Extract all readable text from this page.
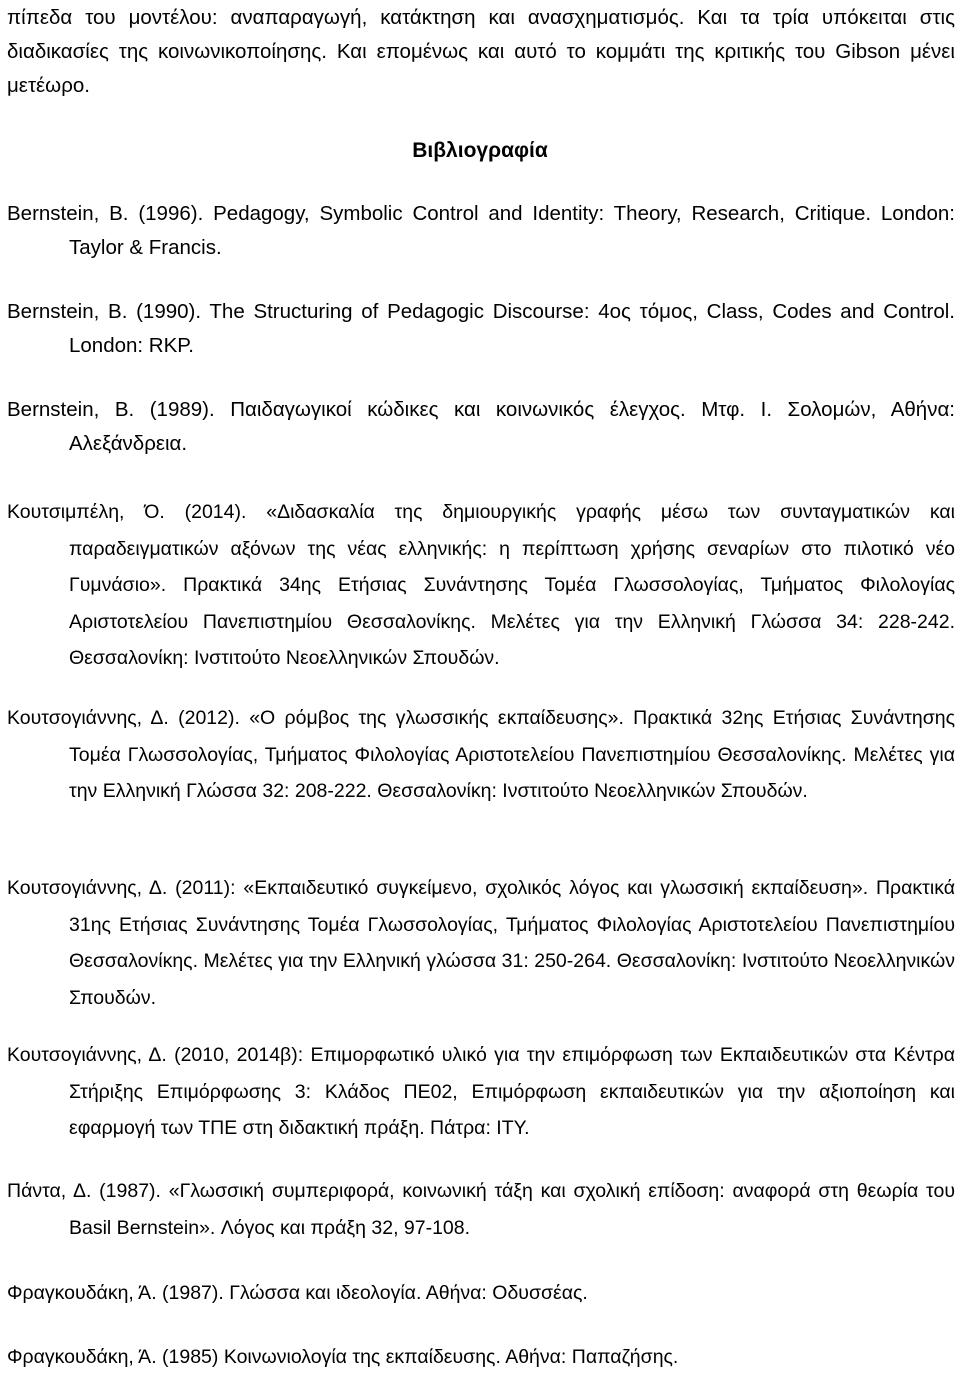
πίπεδα του μοντέλου: αναπαραγωγή, κατάκτηση και ανασχηματισμός. Και τα τρία υπόκειται στις διαδικασίες της κοινωνικοποίησης. Και επομένως και αυτό το κομμάτι της κριτικής του Gibson μένει μετέωρο.
Βιβλιογραφία
Bernstein, B. (1996). Pedagogy, Symbolic Control and Identity: Theory, Research, Critique. London: Taylor & Francis.
Bernstein, B. (1990). The Structuring of Pedagogic Discourse: 4ος τόμος, Class, Codes and Control. London: RKP.
Bernstein, B. (1989). Παιδαγωγικοί κώδικες και κοινωνικός έλεγχος. Μτφ. Ι. Σολομών, Αθήνα: Αλεξάνδρεια.
Κουτσιμπέλη, Ό. (2014). «Διδασκαλία της δημιουργικής γραφής μέσω των συνταγματικών και παραδειγματικών αξόνων της νέας ελληνικής: η περίπτωση χρήσης σεναρίων στο πιλοτικό νέο Γυμνάσιο». Πρακτικά 34ης Ετήσιας Συνάντησης Τομέα Γλωσσολογίας, Τμήματος Φιλολογίας Αριστοτελείου Πανεπιστημίου Θεσσαλονίκης. Μελέτες για την Ελληνική Γλώσσα 34: 228-242. Θεσσαλονίκη: Ινστιτούτο Νεοελληνικών Σπουδών.
Κουτσογιάννης, Δ. (2012). «Ο ρόμβος της γλωσσικής εκπαίδευσης». Πρακτικά 32ης Ετήσιας Συνάντησης Τομέα Γλωσσολογίας, Τμήματος Φιλολογίας Αριστοτελείου Πανεπιστημίου Θεσσαλονίκης. Μελέτες για την Ελληνική Γλώσσα 32: 208-222. Θεσσαλονίκη: Ινστιτούτο Νεοελληνικών Σπουδών.
Κουτσογιάννης, Δ. (2011): «Εκπαιδευτικό συγκείμενο, σχολικός λόγος και γλωσσική εκπαίδευση». Πρακτικά 31ης Ετήσιας Συνάντησης Τομέα Γλωσσολογίας, Τμήματος Φιλολογίας Αριστοτελείου Πανεπιστημίου Θεσσαλονίκης. Μελέτες για την Ελληνική γλώσσα 31: 250-264. Θεσσαλονίκη: Ινστιτούτο Νεοελληνικών Σπουδών.
Κουτσογιάννης, Δ. (2010, 2014β): Επιμορφωτικό υλικό για την επιμόρφωση των Εκπαιδευτικών στα Κέντρα Στήριξης Επιμόρφωσης 3: Κλάδος ΠΕ02, Επιμόρφωση εκπαιδευτικών για την αξιοποίηση και εφαρμογή των ΤΠΕ στη διδακτική πράξη. Πάτρα: ΙΤΥ.
Πάντα, Δ. (1987). «Γλωσσική συμπεριφορά, κοινωνική τάξη και σχολική επίδοση: αναφορά στη θεωρία του Basil Bernstein». Λόγος και πράξη 32, 97-108.
Φραγκουδάκη, Ά. (1987). Γλώσσα και ιδεολογία. Αθήνα: Οδυσσέας.
Φραγκουδάκη, Ά. (1985) Κοινωνιολογία της εκπαίδευσης. Αθήνα: Παπαζήσης.
